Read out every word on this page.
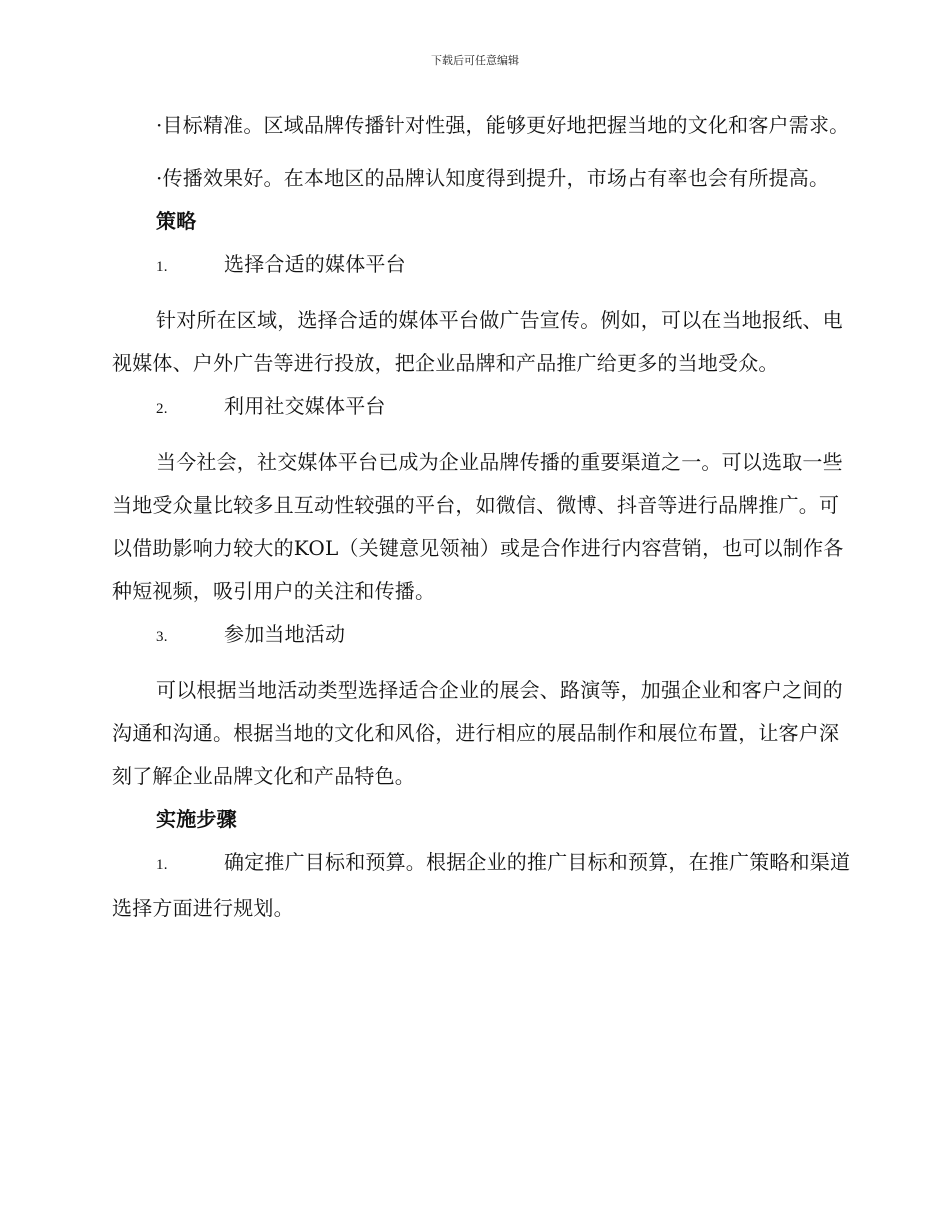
下载后可任意编辑

·目标精准。区域品牌传播针对性强，能够更好地把握当地的文化和客户需求。

·传播效果好。在本地区的品牌认知度得到提升，市场占有率也会有所提高。

策略

1.	选择合适的媒体平台

针对所在区域，选择合适的媒体平台做广告宣传。例如，可以在当地报纸、电视媒体、户外广告等进行投放，把企业品牌和产品推广给更多的当地受众。

2.	利用社交媒体平台

当今社会，社交媒体平台已成为企业品牌传播的重要渠道之一。可以选取一些当地受众量比较多且互动性较强的平台，如微信、微博、抖音等进行品牌推广。可以借助影响力较大的KOL（关键意见领袖）或是合作进行内容营销，也可以制作各种短视频，吸引用户的关注和传播。

3.	参加当地活动

可以根据当地活动类型选择适合企业的展会、路演等，加强企业和客户之间的沟通和沟通。根据当地的文化和风俗，进行相应的展品制作和展位布置，让客户深刻了解企业品牌文化和产品特色。

实施步骤

1.	确定推广目标和预算。根据企业的推广目标和预算，在推广策略和渠道选择方面进行规划。
